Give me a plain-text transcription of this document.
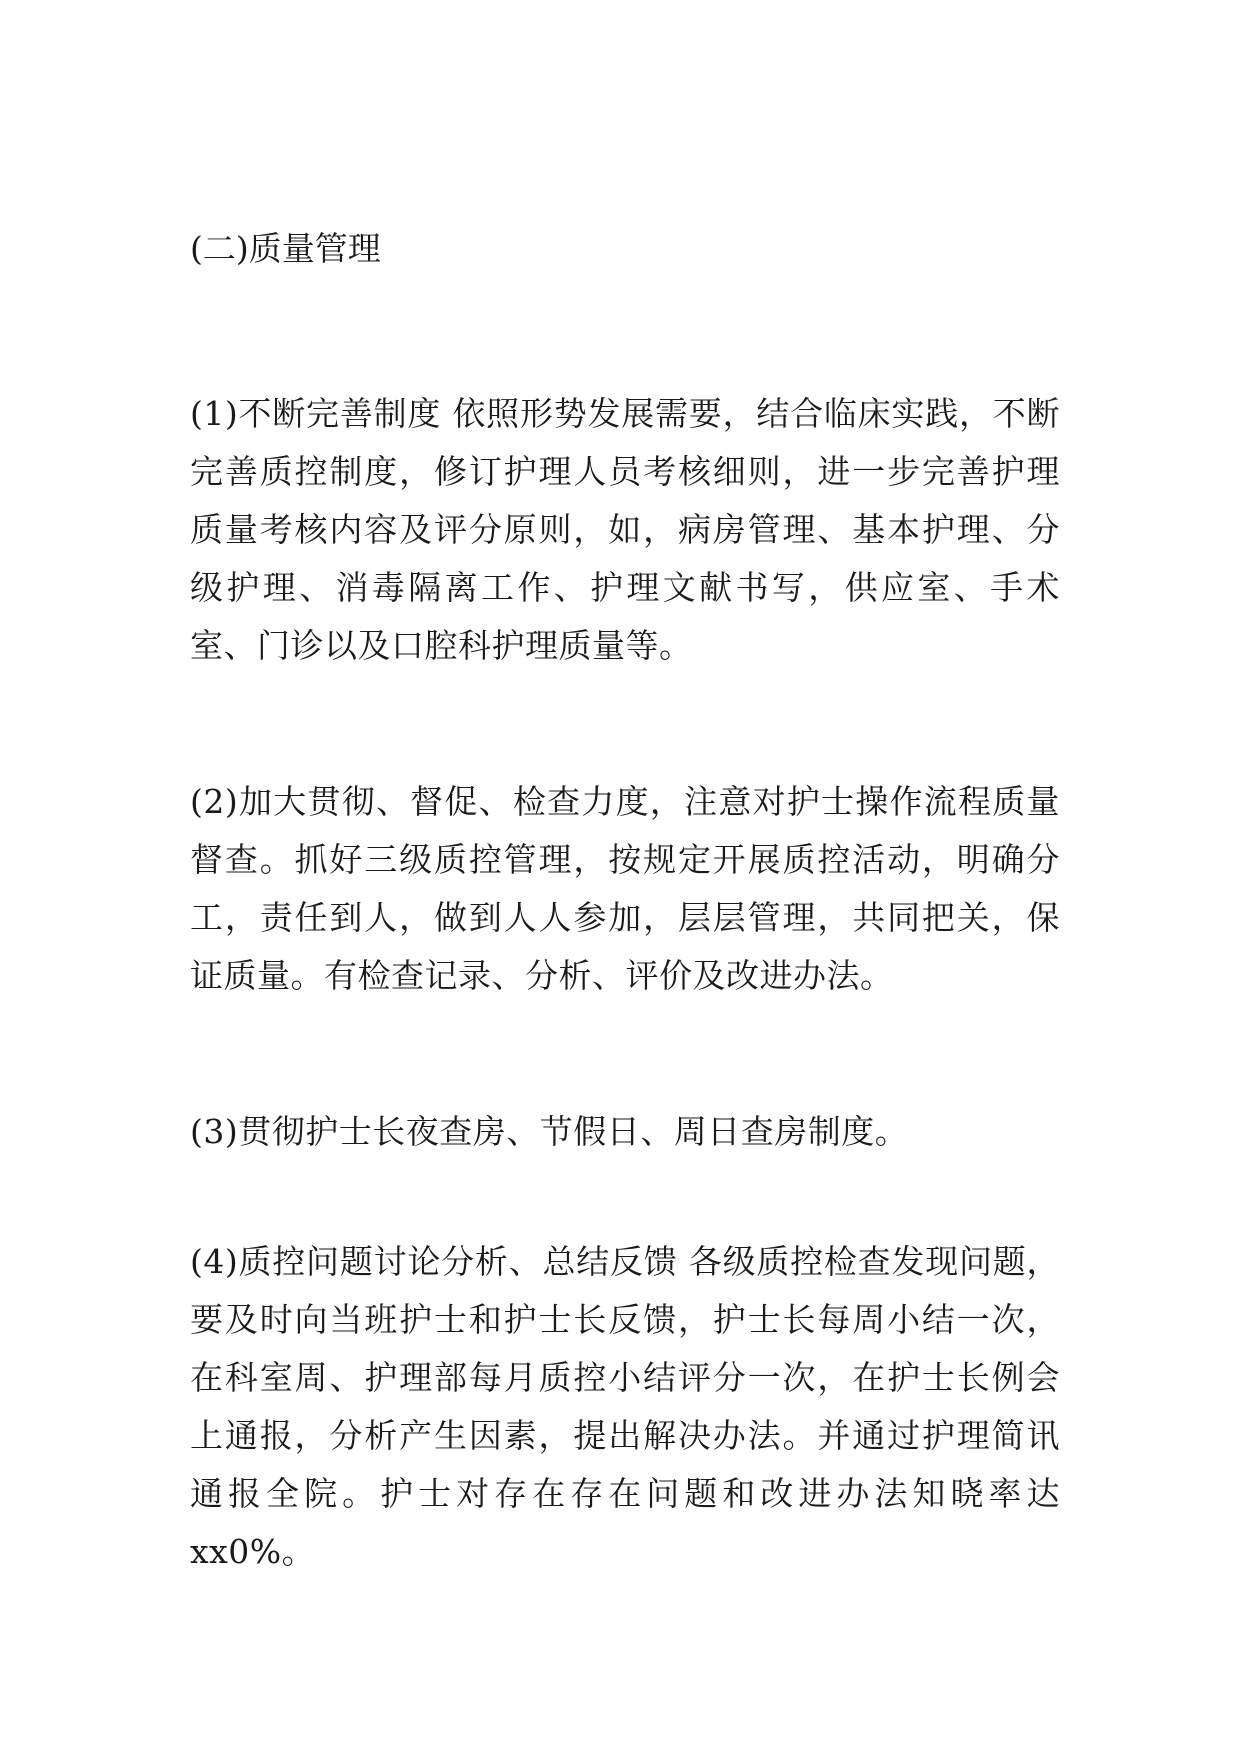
(二)质量管理

(1)不断完善制度 依照形势发展需要，结合临床实践，不断完善质控制度，修订护理人员考核细则，进一步完善护理质量考核内容及评分原则，如，病房管理、基本护理、分级护理、消毒隔离工作、护理文献书写，供应室、手术室、门诊以及口腔科护理质量等。

(2)加大贯彻、督促、检查力度，注意对护士操作流程质量督查。抓好三级质控管理，按规定开展质控活动，明确分工，责任到人，做到人人参加，层层管理，共同把关，保证质量。有检查记录、分析、评价及改进办法。

(3)贯彻护士长夜查房、节假日、周日查房制度。

(4)质控问题讨论分析、总结反馈 各级质控检查发现问题，要及时向当班护士和护士长反馈，护士长每周小结一次，在科室周、护理部每月质控小结评分一次，在护士长例会上通报，分析产生因素，提出解决办法。并通过护理简讯通报全院。护士对存在存在问题和改进办法知晓率达 xx0%。
